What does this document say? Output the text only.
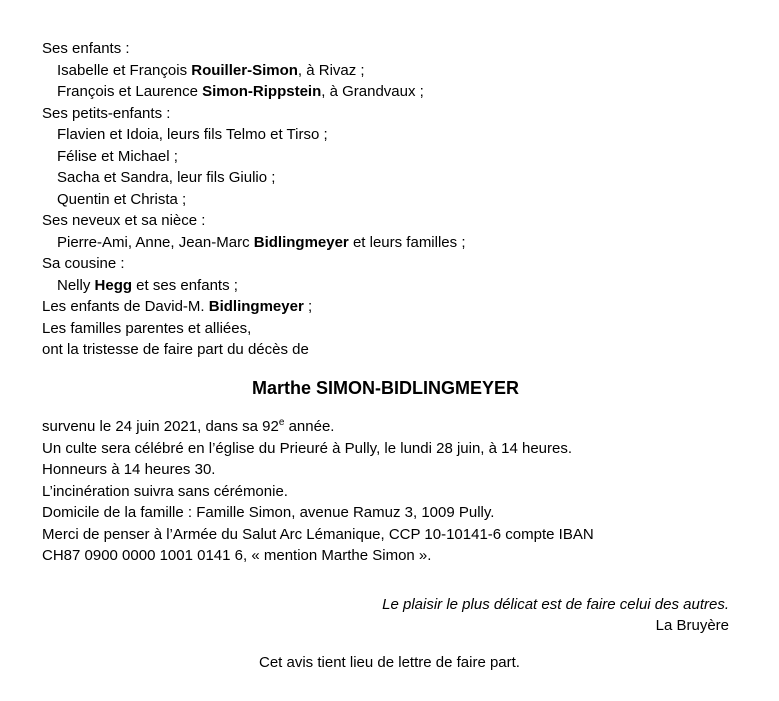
Ses enfants :
Isabelle et François Rouiller-Simon, à Rivaz ;
François et Laurence Simon-Rippstein, à Grandvaux ;
Ses petits-enfants :
Flavien et Idoia, leurs fils Telmo et Tirso ;
Félise et Michael ;
Sacha et Sandra, leur fils Giulio ;
Quentin et Christa ;
Ses neveux et sa nièce :
Pierre-Ami, Anne, Jean-Marc Bidlingmeyer et leurs familles ;
Sa cousine :
Nelly Hegg et ses enfants ;
Les enfants de David-M. Bidlingmeyer ;
Les familles parentes et alliées,
ont la tristesse de faire part du décès de
Marthe SIMON-BIDLINGMEYER
survenu le 24 juin 2021, dans sa 92e année.
Un culte sera célébré en l’église du Prieuré à Pully, le lundi 28 juin, à 14 heures.
Honneurs à 14 heures 30.
L’incinération suivra sans cérémonie.
Domicile de la famille : Famille Simon, avenue Ramuz 3, 1009 Pully.
Merci de penser à l’Armée du Salut Arc Lémanique, CCP 10-10141-6 compte IBAN
CH87 0900 0000 1001 0141 6, « mention Marthe Simon ».
Le plaisir le plus délicat est de faire celui des autres.
La Bruyère
Cet avis tient lieu de lettre de faire part.
